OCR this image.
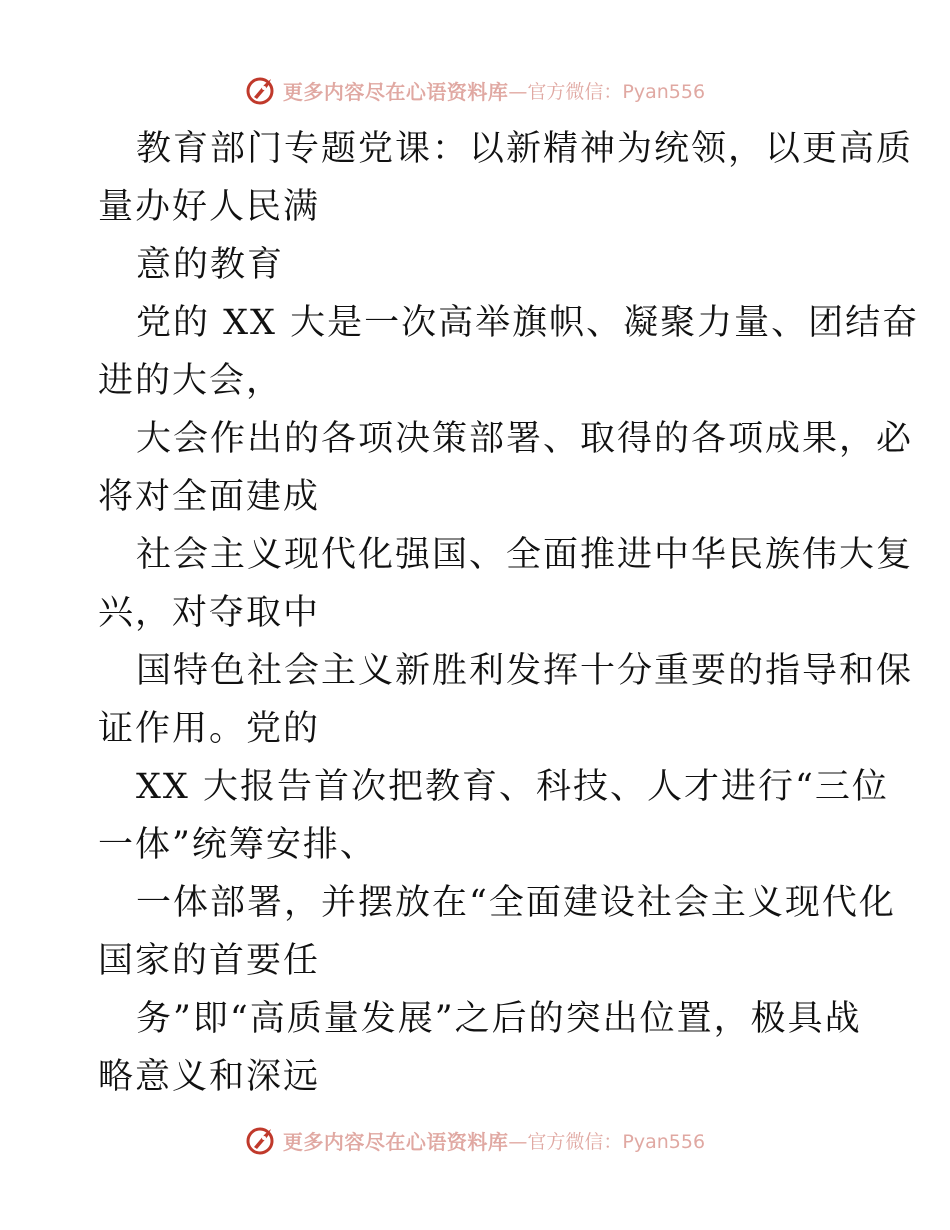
更多内容尽在心语资料库 —官方微信：Pyan556
教育部门专题党课：以新精神为统领，以更高质
量办好人民满
意的教育
党的 XX 大是一次高举旗帜、凝聚力量、团结奋
进的大会，
大会作出的各项决策部署、取得的各项成果，必
将对全面建成
社会主义现代化强国、全面推进中华民族伟大复
兴，对夺取中
国特色社会主义新胜利发挥十分重要的指导和保
证作用。党的
XX 大报告首次把教育、科技、人才进行“三位
一体”统筹安排、
一体部署，并摆放在“全面建设社会主义现代化
国家的首要任
务”即“高质量发展”之后的突出位置，极具战
略意义和深远
更多内容尽在心语资料库 —官方微信：Pyan556
